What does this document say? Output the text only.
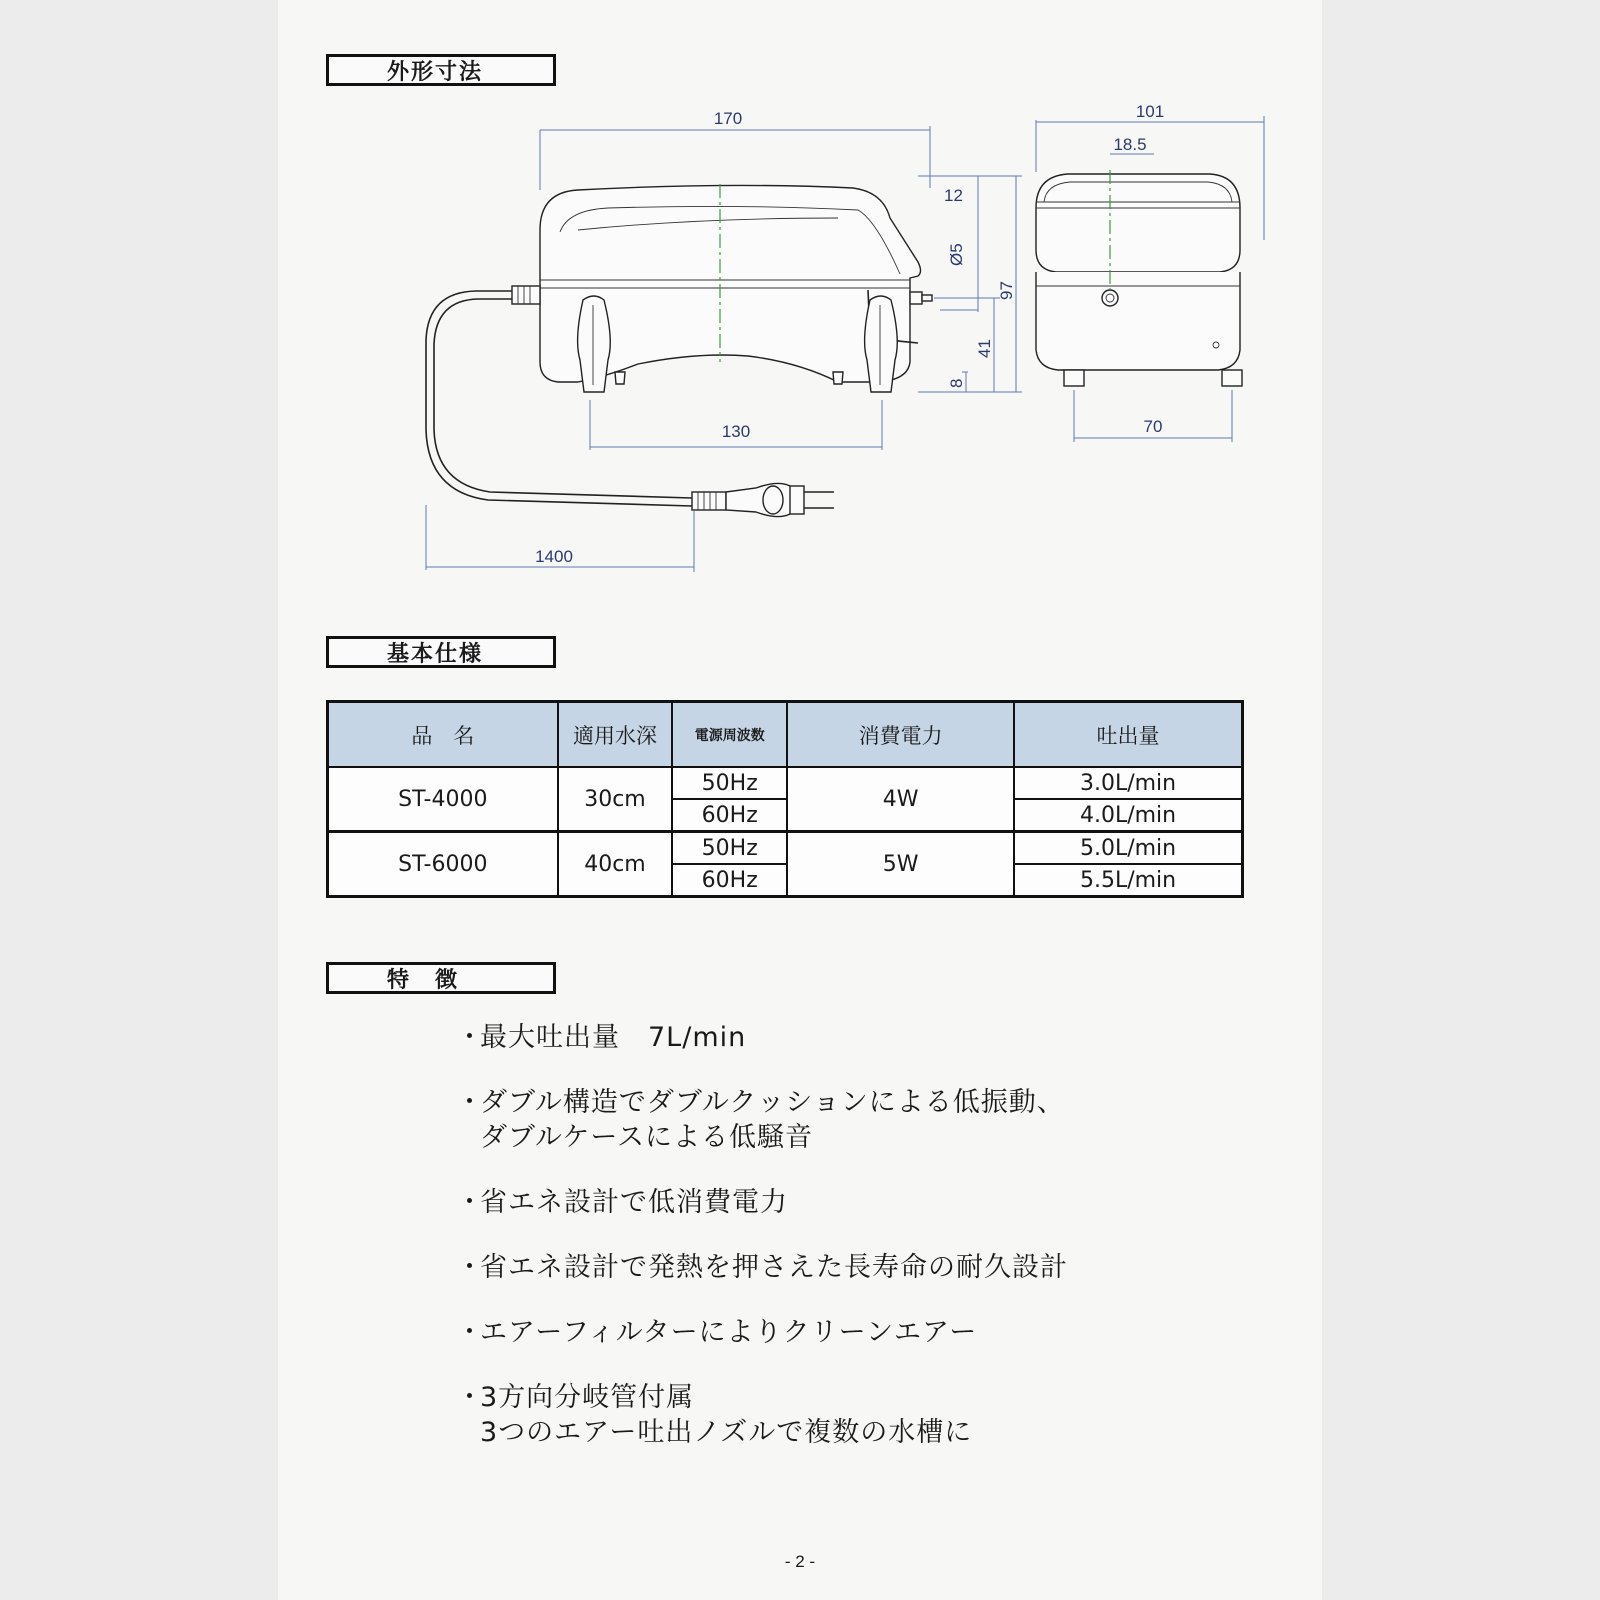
外形寸法
170
130
12
Ø5
97
41
8
1400
101
18.5
70
基本仕様
品　名	適用水深	電源周波数	消費電力	吐出量
ST-4000	30cm	50Hz	4W	3.0L/min
		60Hz		4.0L/min
ST-6000	40cm	50Hz	5W	5.0L/min
		60Hz		5.5L/min
特　徴
・
最大吐出量　7L/min
・
ダブル構造でダブルクッションによる低振動、
ダブルケースによる低騒音
・
省エネ設計で低消費電力
・
省エネ設計で発熱を押さえた長寿命の耐久設計
・
エアーフィルターによりクリーンエアー
・
3方向分岐管付属
3つのエアー吐出ノズルで複数の水槽に
- 2 -
